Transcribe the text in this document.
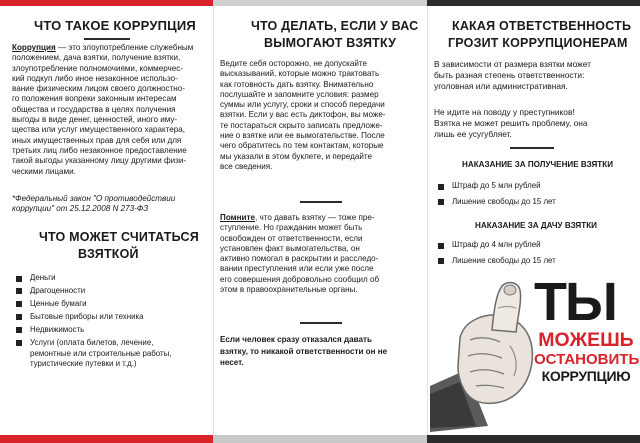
ЧТО ТАКОЕ КОРРУПЦИЯ

Коррупция — это злоупотребление служебным

положением, дача взятки, получение взятки,

злоупотребление полномочиями, коммерчес-

кий подкуп либо иное незаконное использо-

вание физическим лицом своего должностно-

го положения вопреки законным интересам

общества и государства в целях получения

выгоды в виде денег, ценностей, иного иму-

щества или услуг имущественного характера,

иных имущественных прав для себя или для

третьих лиц либо незаконное предоставление

такой выгоды указанному лицу другими физи-

ческими лицами.

*Федеральный закон "О противодействии

коррупции" от 25.12.2008 N 273-ФЗ

ЧТО МОЖЕТ СЧИТАТЬСЯ
ВЗЯТКОЙ
Деньги
Драгоценности
Ценные бумаги
Бытовые приборы или техника
Недвижимость
Услуги (оплата билетов, лечение,
ремонтные или строительные работы,
туристические путевки и т.д.)
ЧТО ДЕЛАТЬ, ЕСЛИ У ВАС
ВЫМОГАЮТ ВЗЯТКУ

Ведите себя осторожно, не допускайте

высказываний, которые можно трактовать

как готовность дать взятку. Внимательно

послушайте и запомните условия: размер

суммы или услугу, сроки и способ передачи

взятки. Если у вас есть диктофон, вы може-

те постараться скрыто записать предложе-

ние о взятке или ее вымогательстве. После

чего обратитесь по тем контактам, которые

мы указали в этом буклете, и передайте

все сведения.

Помните, что давать взятку — тоже пре-

ступление. Но гражданин может быть

освобожден от ответственности, если

установлен факт вымогательства, он

активно помогал в раскрытии и расследо-

вании преступления или если уже после

его совершения добровольно сообщил об

этом в правоохранительные органы.

Если человек сразу отказался давать

взятку, то никакой ответственности он не

несет.

КАКАЯ ОТВЕТСТВЕННОСТЬ
ГРОЗИТ КОРРУПЦИОНЕРАМ

В зависимости от размера взятки может

быть разная степень ответственности:

уголовная или административная.

Не идите на поводу у преступников!

Взятка не может решить проблему, она

лишь ее усугубляет.

НАКАЗАНИЕ ЗА ПОЛУЧЕНИЕ ВЗЯТКИ
Штраф до 5 млн рублей
Лишение свободы до 15 лет
НАКАЗАНИЕ ЗА ДАЧУ ВЗЯТКИ
Штраф до 4 млн рублей
Лишение свободы до 15 лет
ТЫ
МОЖЕШЬ
ОСТАНОВИТЬ
КОРРУПЦИЮ
